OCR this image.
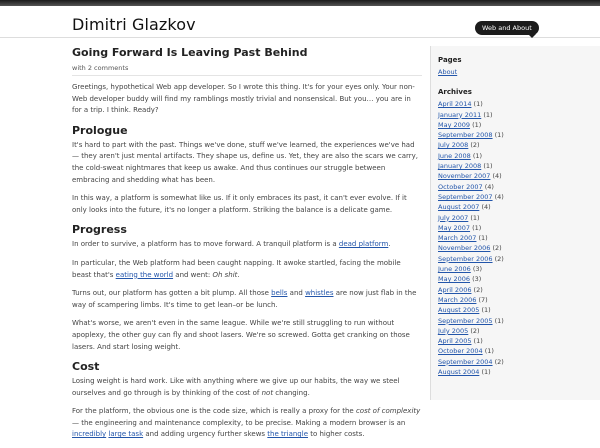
Dimitri Glazkov	Web and About
Going Forward Is Leaving Past Behind
with 2 comments

Greetings, hypothetical Web app developer. So I wrote this thing. It's for your eyes only. Your non-Web developer buddy will find my ramblings mostly trivial and nonsensical. But you… you are in for a trip. I think. Ready?

Prologue

It's hard to part with the past. Things we've done, stuff we've learned, the experiences we've had — they aren't just mental artifacts. They shape us, define us. Yet, they are also the scars we carry, the cold-sweat nightmares that keep us awake. And thus continues our struggle between embracing and shedding what has been.

In this way, a platform is somewhat like us. If it only embraces its past, it can't ever evolve. If it only looks into the future, it's no longer a platform. Striking the balance is a delicate game.

Progress

In order to survive, a platform has to move forward. A tranquil platform is a dead platform.

In particular, the Web platform had been caught napping. It awoke startled, facing the mobile beast that's eating the world and went: Oh shit.

Turns out, our platform has gotten a bit plump. All those bells and whistles are now just flab in the way of scampering limbs. It's time to get lean–or be lunch.

What's worse, we aren't even in the same league. While we're still struggling to run without apoplexy, the other guy can fly and shoot lasers. We're so screwed. Gotta get cranking on those lasers. And start losing weight.

Cost

Losing weight is hard work. Like with anything where we give up our habits, the way we steel ourselves and go through is by thinking of the cost of not changing.

For the platform, the obvious one is the code size, which is really a proxy for the cost of complexity — the engineering and maintenance complexity, to be precise. Making a modern browser is an incredibly large task and adding urgency further skews the triangle to higher costs.

Pages
About
Archives
April 2014 (1)
January 2011 (1)
May 2009 (1)
September 2008 (1)
July 2008 (2)
June 2008 (1)
January 2008 (1)
November 2007 (4)
October 2007 (4)
September 2007 (4)
August 2007 (4)
July 2007 (1)
May 2007 (1)
March 2007 (1)
November 2006 (2)
September 2006 (2)
June 2006 (3)
May 2006 (3)
April 2006 (2)
March 2006 (7)
August 2005 (1)
September 2005 (1)
July 2005 (2)
April 2005 (1)
October 2004 (1)
September 2004 (2)
August 2004 (1)
